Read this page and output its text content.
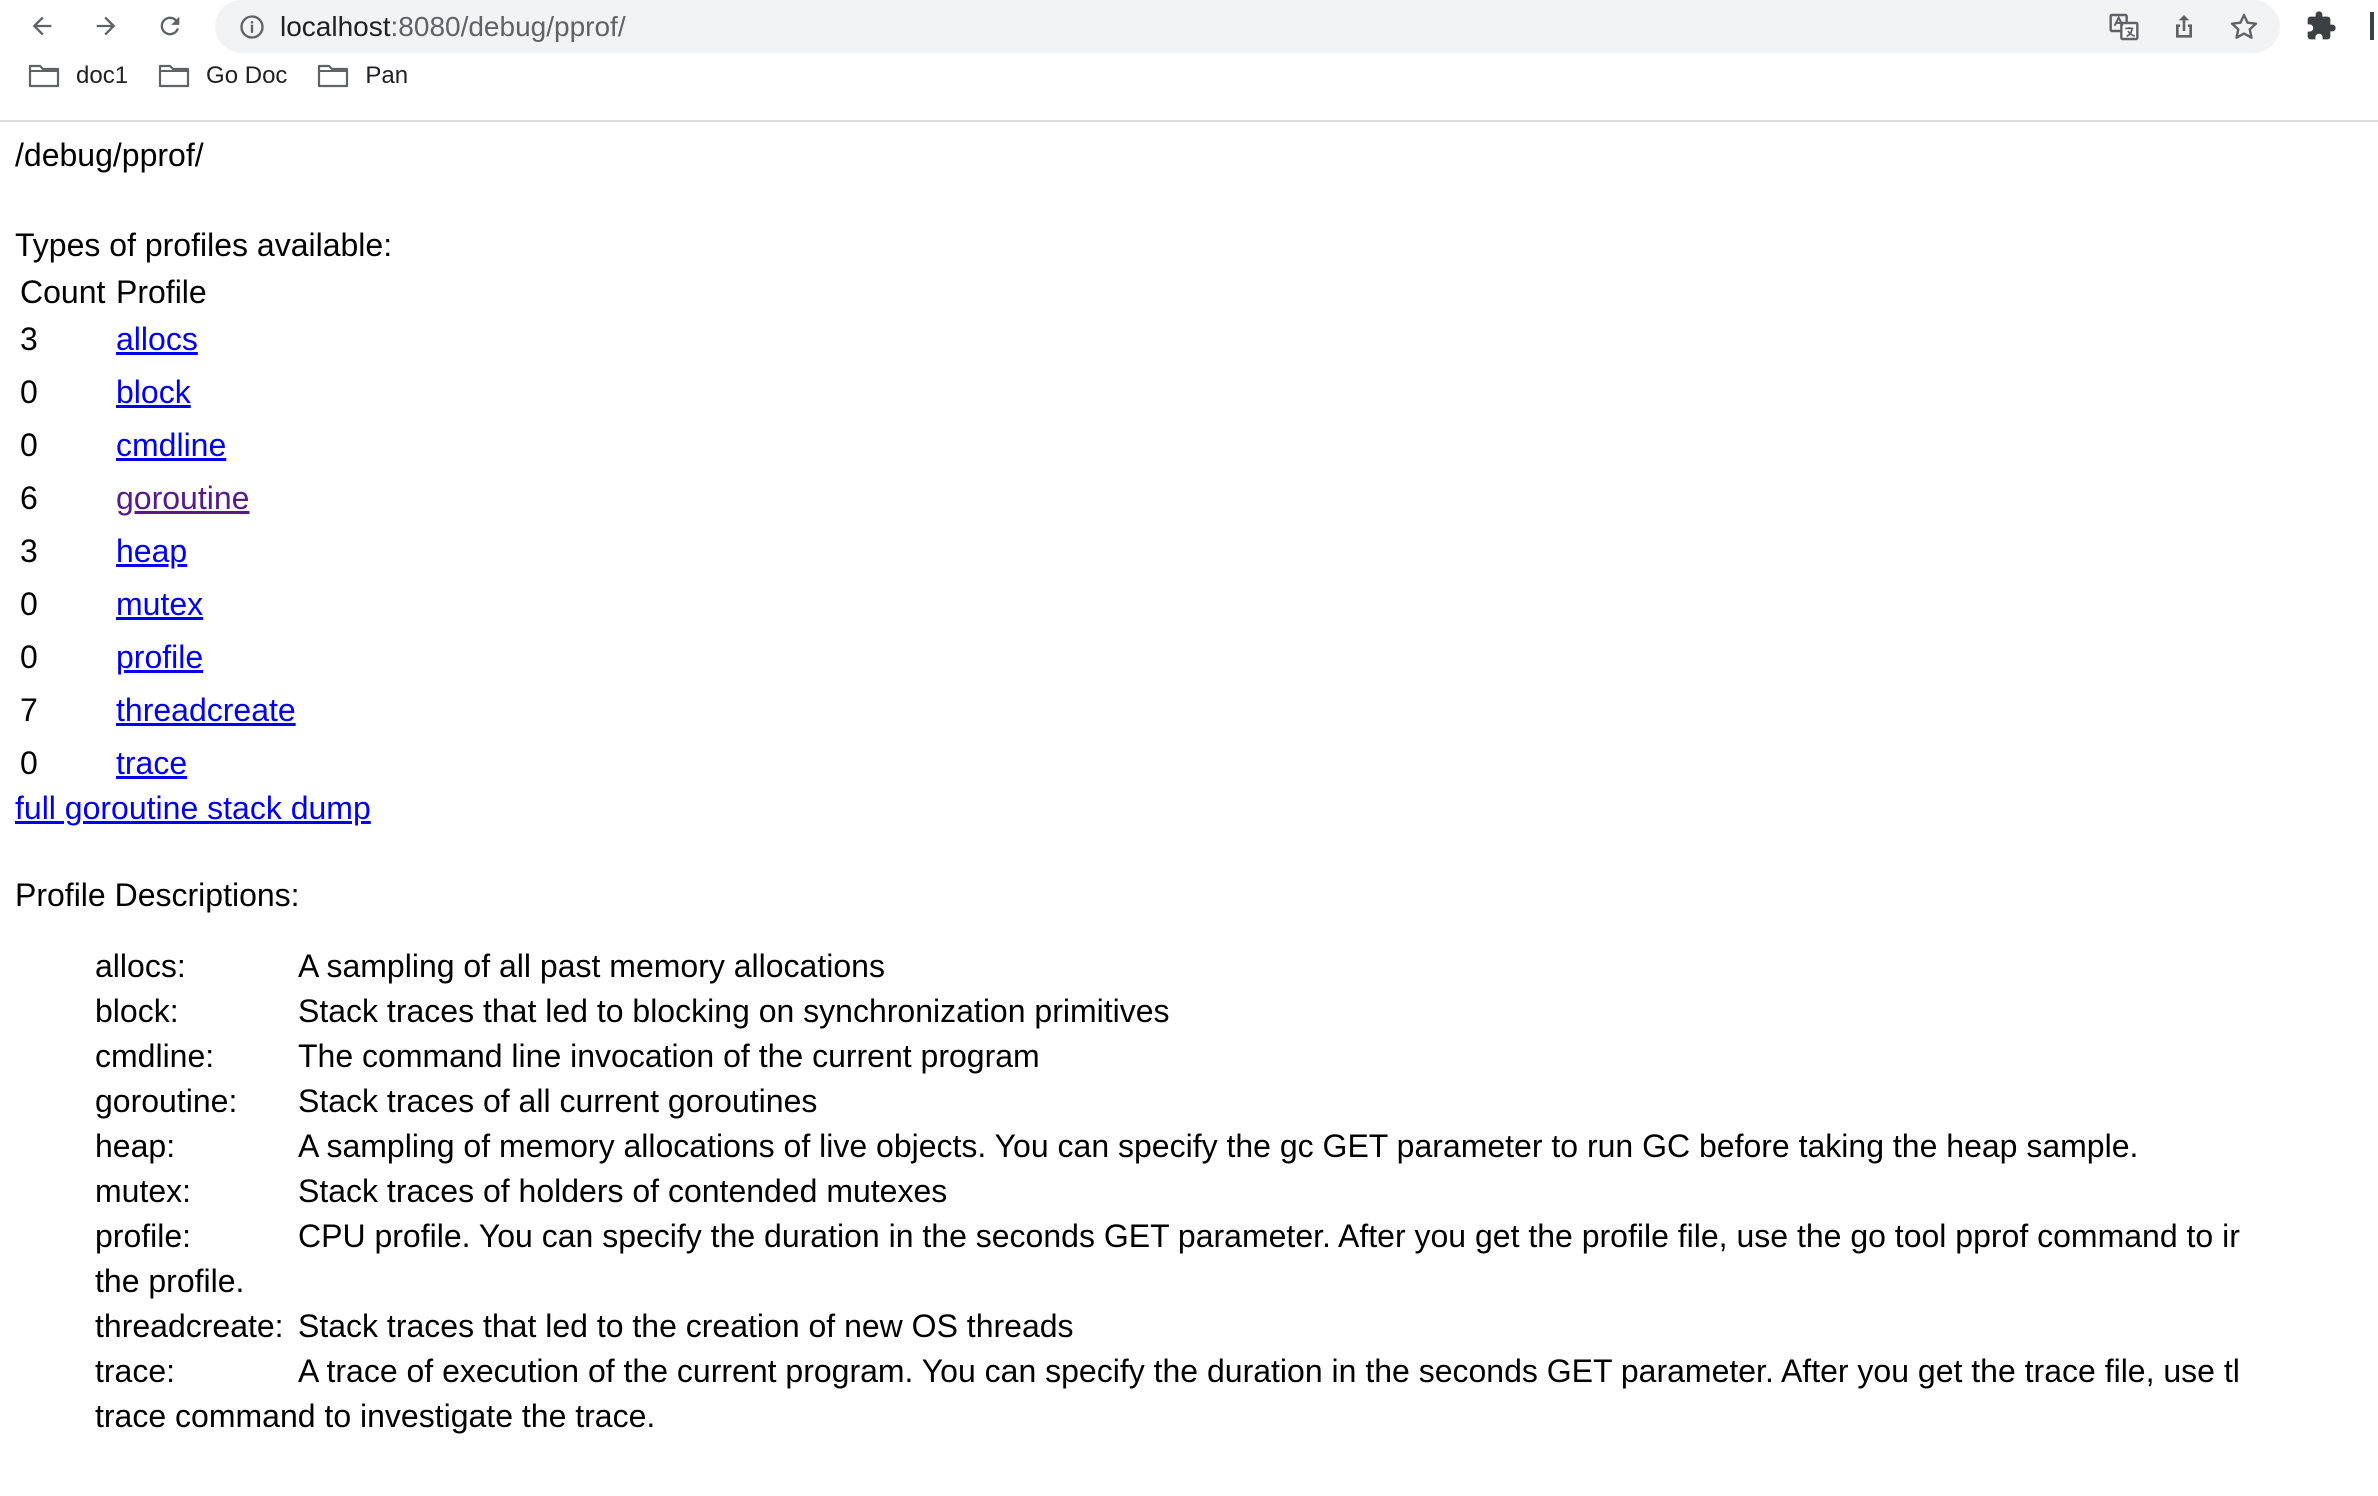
localhost:8080/debug/pprof/
doc1	Go Doc	Pan
/debug/pprof/
Types of profiles available:
Count	Profile
3	allocs
0	block
0	cmdline
6	goroutine
3	heap
0	mutex
0	profile
7	threadcreate
0	trace
full goroutine stack dump
Profile Descriptions:
• allocs:	A sampling of all past memory allocations
• block:	Stack traces that led to blocking on synchronization primitives
• cmdline:	The command line invocation of the current program
• goroutine: Stack traces of all current goroutines
• heap:	A sampling of memory allocations of live objects. You can specify the gc GET parameter to run GC before taking the heap sample.
• mutex:	Stack traces of holders of contended mutexes
• profile:	CPU profile. You can specify the duration in the seconds GET parameter. After you get the profile file, use the go tool pprof command to ir
the profile.
• threadcreate: Stack traces that led to the creation of new OS threads
• trace:	A trace of execution of the current program. You can specify the duration in the seconds GET parameter. After you get the trace file, use tl
trace command to investigate the trace.
